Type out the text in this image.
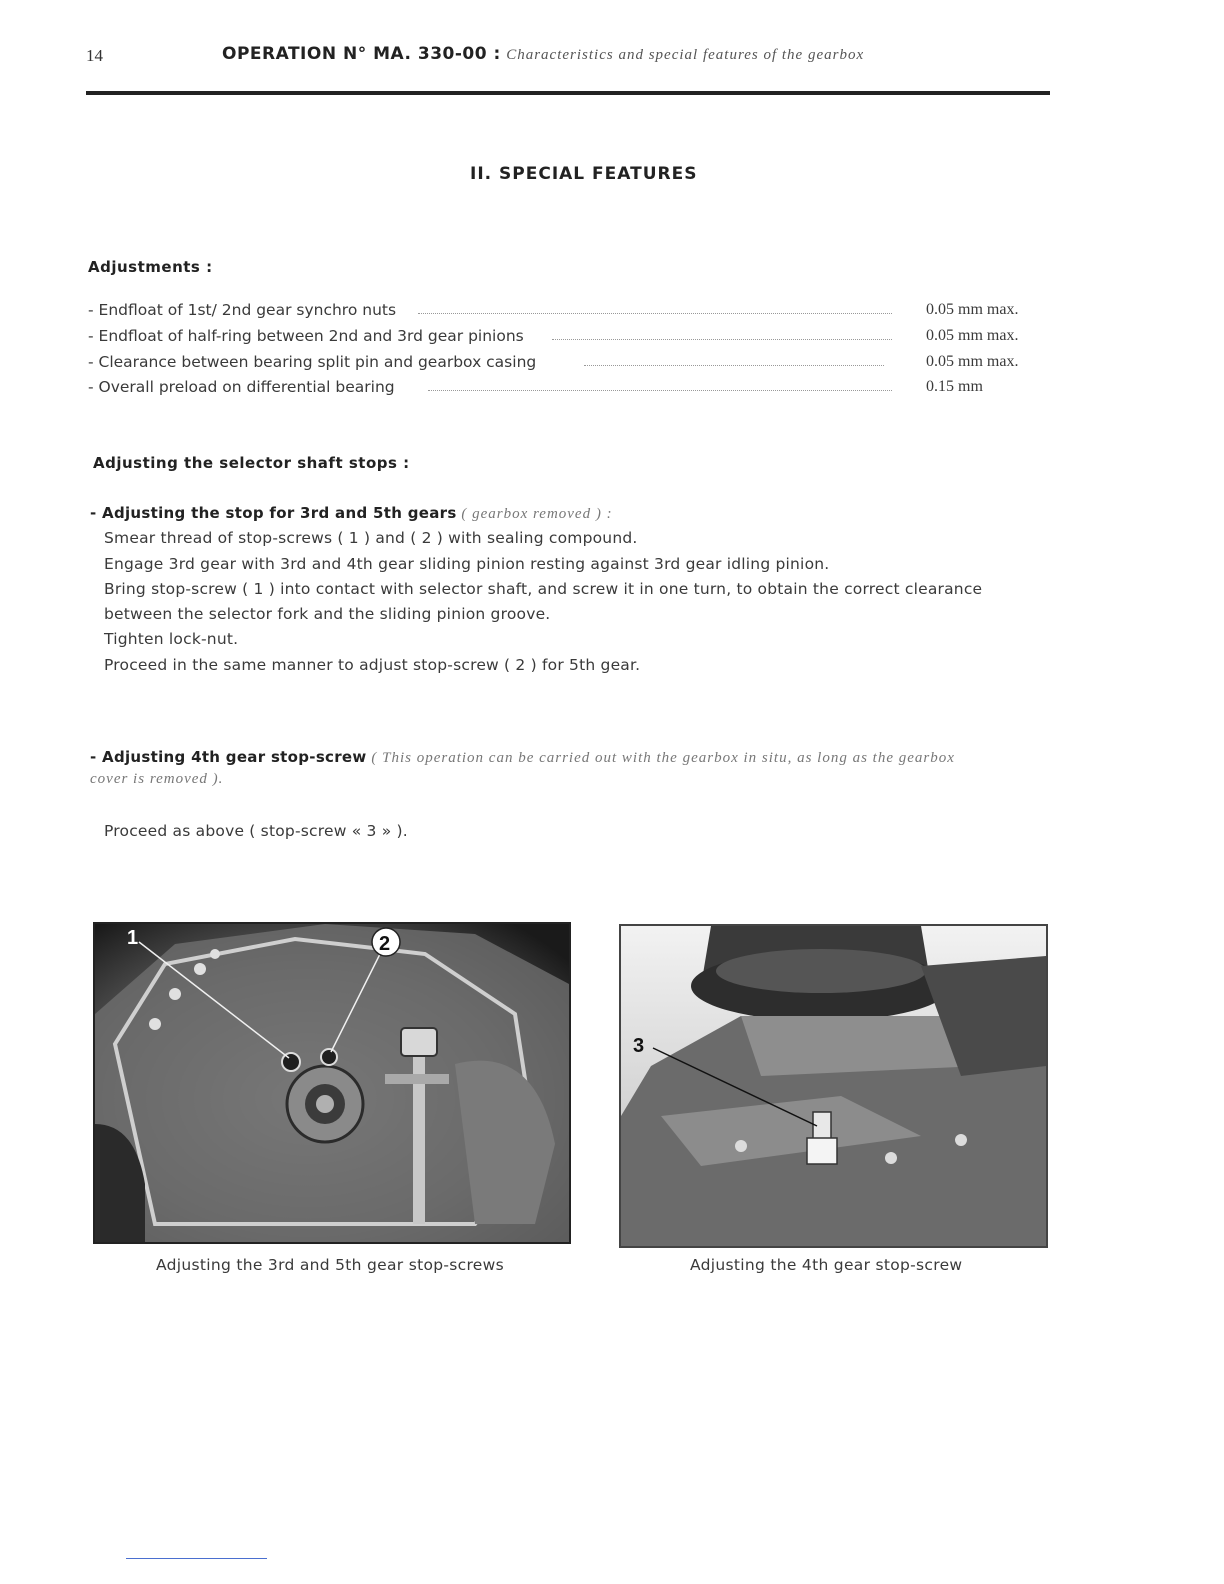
14	OPERATION N° MA. 330-00 : Characteristics and special features of the gearbox
II. SPECIAL FEATURES
Adjustments :
- Endfloat of 1st/ 2nd gear synchro nuts	0.05 mm max.
- Endfloat of half-ring between 2nd and 3rd gear pinions	0.05 mm max.
- Clearance between bearing split pin and gearbox casing	0.05 mm max.
- Overall preload on differential bearing	0.15 mm
Adjusting the selector shaft stops :
- Adjusting the stop for 3rd and 5th gears ( gearbox removed ) :
Smear thread of stop-screws ( 1 ) and ( 2 ) with sealing compound.
Engage 3rd gear with 3rd and 4th gear sliding pinion resting against 3rd gear idling pinion.
Bring stop-screw ( 1 ) into contact with selector shaft, and screw it in one turn, to obtain the correct clearance
between the selector fork and the sliding pinion groove.
Tighten lock-nut.
Proceed in the same manner to adjust stop-screw ( 2 ) for 5th gear.
- Adjusting 4th gear stop-screw ( This operation can be carried out with the gearbox in situ, as long as the gearbox
cover is removed ).
Proceed as above ( stop-screw « 3 » ).
1	2
Adjusting the 3rd and 5th gear stop-screws
3
Adjusting the 4th gear stop-screw
